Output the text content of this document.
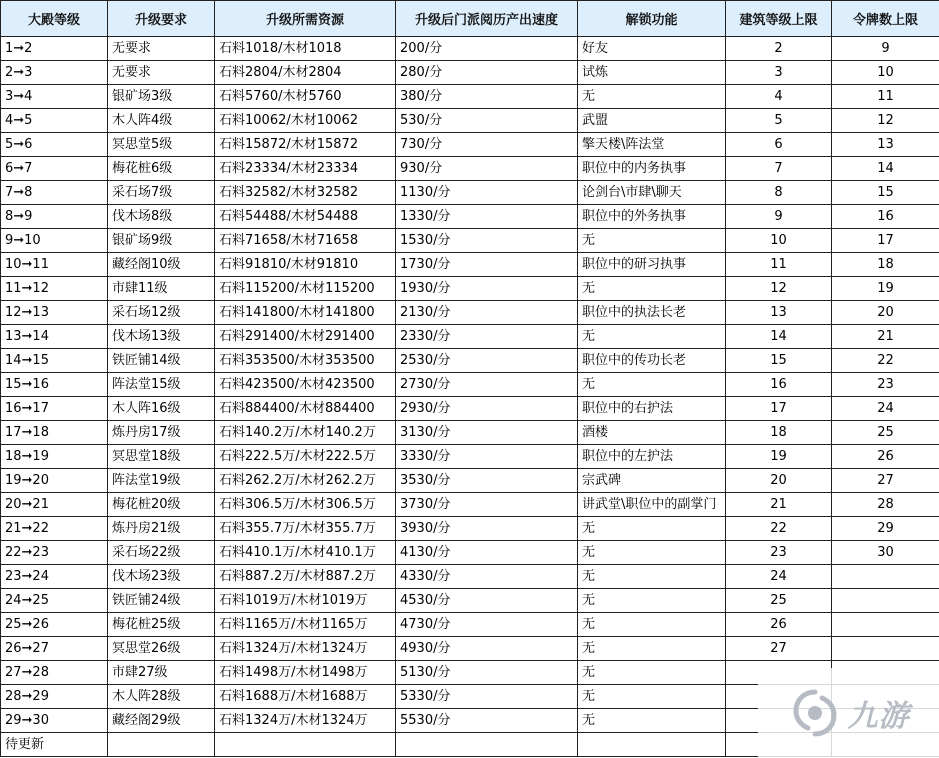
大殿等级	升级要求	升级所需资源	升级后门派阅历产出速度	解锁功能	建筑等级上限	令牌数上限
1➞2	无要求	石料1018/木材1018	200/分	好友	2	9
2➞3	无要求	石料2804/木材2804	280/分	试炼	3	10
3➞4	银矿场3级	石料5760/木材5760	380/分	无	4	11
4➞5	木人阵4级	石料10062/木材10062	530/分	武盟	5	12
5➞6	冥思堂5级	石料15872/木材15872	730/分	擎天楼\阵法堂	6	13
6➞7	梅花桩6级	石料23334/木材23334	930/分	职位中的内务执事	7	14
7➞8	采石场7级	石料32582/木材32582	1130/分	论剑台\市肆\聊天	8	15
8➞9	伐木场8级	石料54488/木材54488	1330/分	职位中的外务执事	9	16
9➞10	银矿场9级	石料71658/木材71658	1530/分	无	10	17
10➞11	藏经阁10级	石料91810/木材91810	1730/分	职位中的研习执事	11	18
11➞12	市肆11级	石料115200/木材115200	1930/分	无	12	19
12➞13	采石场12级	石料141800/木材141800	2130/分	职位中的执法长老	13	20
13➞14	伐木场13级	石料291400/木材291400	2330/分	无	14	21
14➞15	铁匠铺14级	石料353500/木材353500	2530/分	职位中的传功长老	15	22
15➞16	阵法堂15级	石料423500/木材423500	2730/分	无	16	23
16➞17	木人阵16级	石料884400/木材884400	2930/分	职位中的右护法	17	24
17➞18	炼丹房17级	石料140.2万/木材140.2万	3130/分	酒楼	18	25
18➞19	冥思堂18级	石料222.5万/木材222.5万	3330/分	职位中的左护法	19	26
19➞20	阵法堂19级	石料262.2万/木材262.2万	3530/分	宗武碑	20	27
20➞21	梅花桩20级	石料306.5万/木材306.5万	3730/分	讲武堂\职位中的副掌门	21	28
21➞22	炼丹房21级	石料355.7万/木材355.7万	3930/分	无	22	29
22➞23	采石场22级	石料410.1万/木材410.1万	4130/分	无	23	30
23➞24	伐木场23级	石料887.2万/木材887.2万	4330/分	无	24	
24➞25	铁匠铺24级	石料1019万/木材1019万	4530/分	无	25	
25➞26	梅花桩25级	石料1165万/木材1165万	4730/分	无	26	
26➞27	冥思堂26级	石料1324万/木材1324万	4930/分	无	27	
27➞28	市肆27级	石料1498万/木材1498万	5130/分	无		
28➞29	木人阵28级	石料1688万/木材1688万	5330/分	无		
29➞30	藏经阁29级	石料1324万/木材1324万	5530/分	无		
待更新						
九游
